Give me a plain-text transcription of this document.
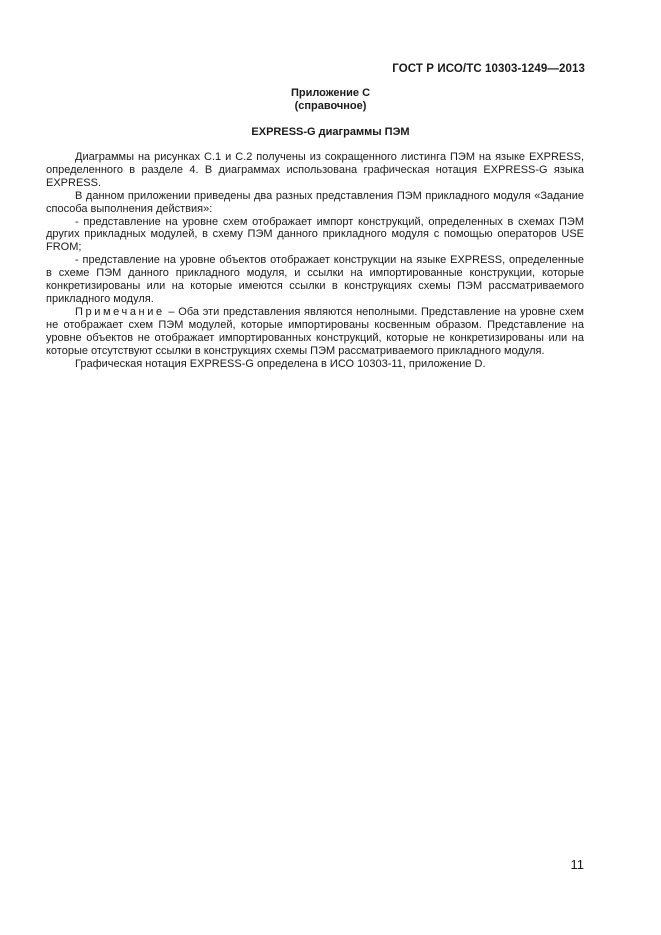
ГОСТ Р ИСО/ТС 10303-1249—2013
Приложение С
(справочное)
EXPRESS-G диаграммы ПЭМ

Диаграммы на рисунках С.1 и С.2 получены из сокращенного листинга ПЭМ на языке EXPRESS, определенного в разделе 4. В диаграммах использована графическая нотация EXPRESS-G языка EXPRESS.

В данном приложении приведены два разных представления ПЭМ прикладного модуля «Задание способа выполнения действия»:

- представление на уровне схем отображает импорт конструкций, определенных в схемах ПЭМ других прикладных модулей, в схему ПЭМ данного прикладного модуля с помощью операторов USE FROM;

- представление на уровне объектов отображает конструкции на языке EXPRESS, определенные в схеме ПЭМ данного прикладного модуля, и ссылки на импортированные конструкции, которые конкретизированы или на которые имеются ссылки в конструкциях схемы ПЭМ рассматриваемого прикладного модуля.

Примечание – Оба эти представления являются неполными. Представление на уровне схем не отображает схем ПЭМ модулей, которые импортированы косвенным образом. Представление на уровне объектов не отображает импортированных конструкций, которые не конкретизированы или на которые отсутствуют ссылки в конструкциях схемы ПЭМ рассматриваемого прикладного модуля.

Графическая нотация EXPRESS-G определена в ИСО 10303-11, приложение D.

11
